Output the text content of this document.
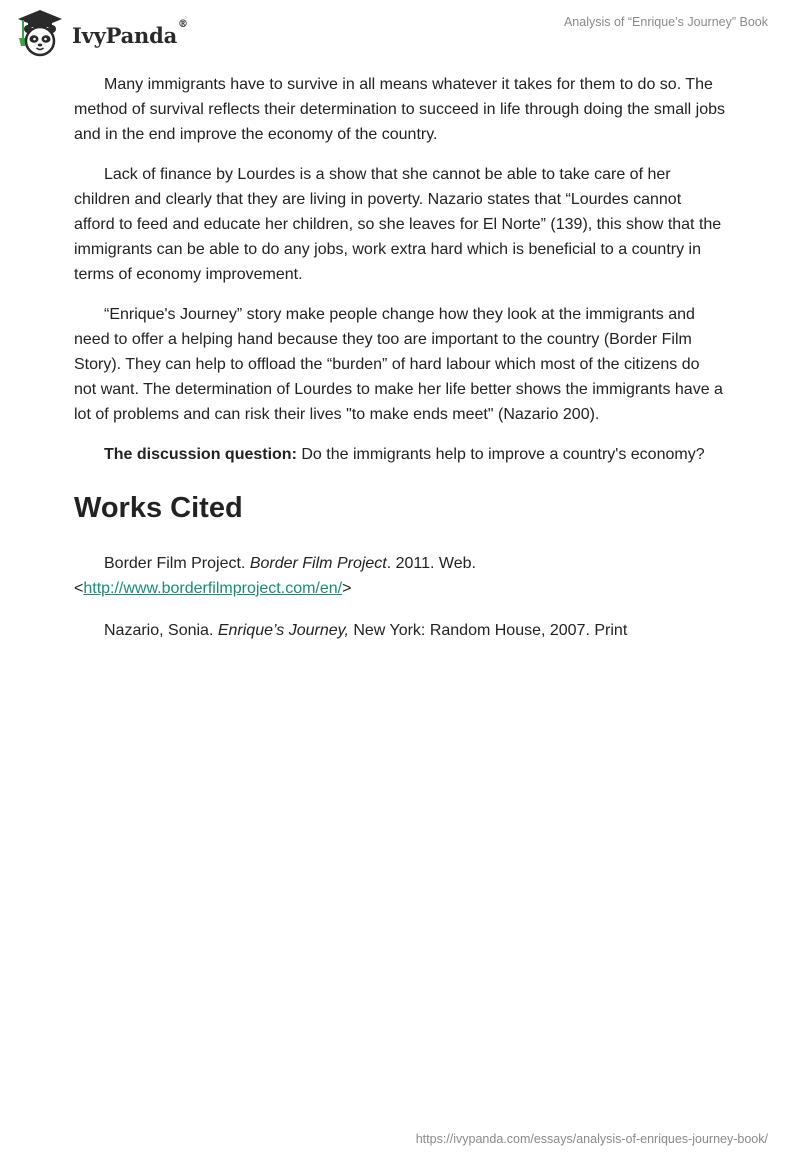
IvyPanda®	Analysis of “Enrique’s Journey” Book

Many immigrants have to survive in all means whatever it takes for them to do so. The method of survival reflects their determination to succeed in life through doing the small jobs and in the end improve the economy of the country.

Lack of finance by Lourdes is a show that she cannot be able to take care of her children and clearly that they are living in poverty. Nazario states that “Lourdes cannot afford to feed and educate her children, so she leaves for El Norte” (139), this show that the immigrants can be able to do any jobs, work extra hard which is beneficial to a country in terms of economy improvement.

“Enrique's Journey” story make people change how they look at the immigrants and need to offer a helping hand because they too are important to the country (Border Film Story). They can help to offload the “burden” of hard labour which most of the citizens do not want. The determination of Lourdes to make her life better shows the immigrants have a lot of problems and can risk their lives "to make ends meet" (Nazario 200).

The discussion question: Do the immigrants help to improve a country's economy?

Works Cited

Border Film Project. Border Film Project. 2011. Web. <http://www.borderfilmproject.com/en/>

Nazario, Sonia. Enrique’s Journey, New York: Random House, 2007. Print

https://ivypanda.com/essays/analysis-of-enriques-journey-book/
